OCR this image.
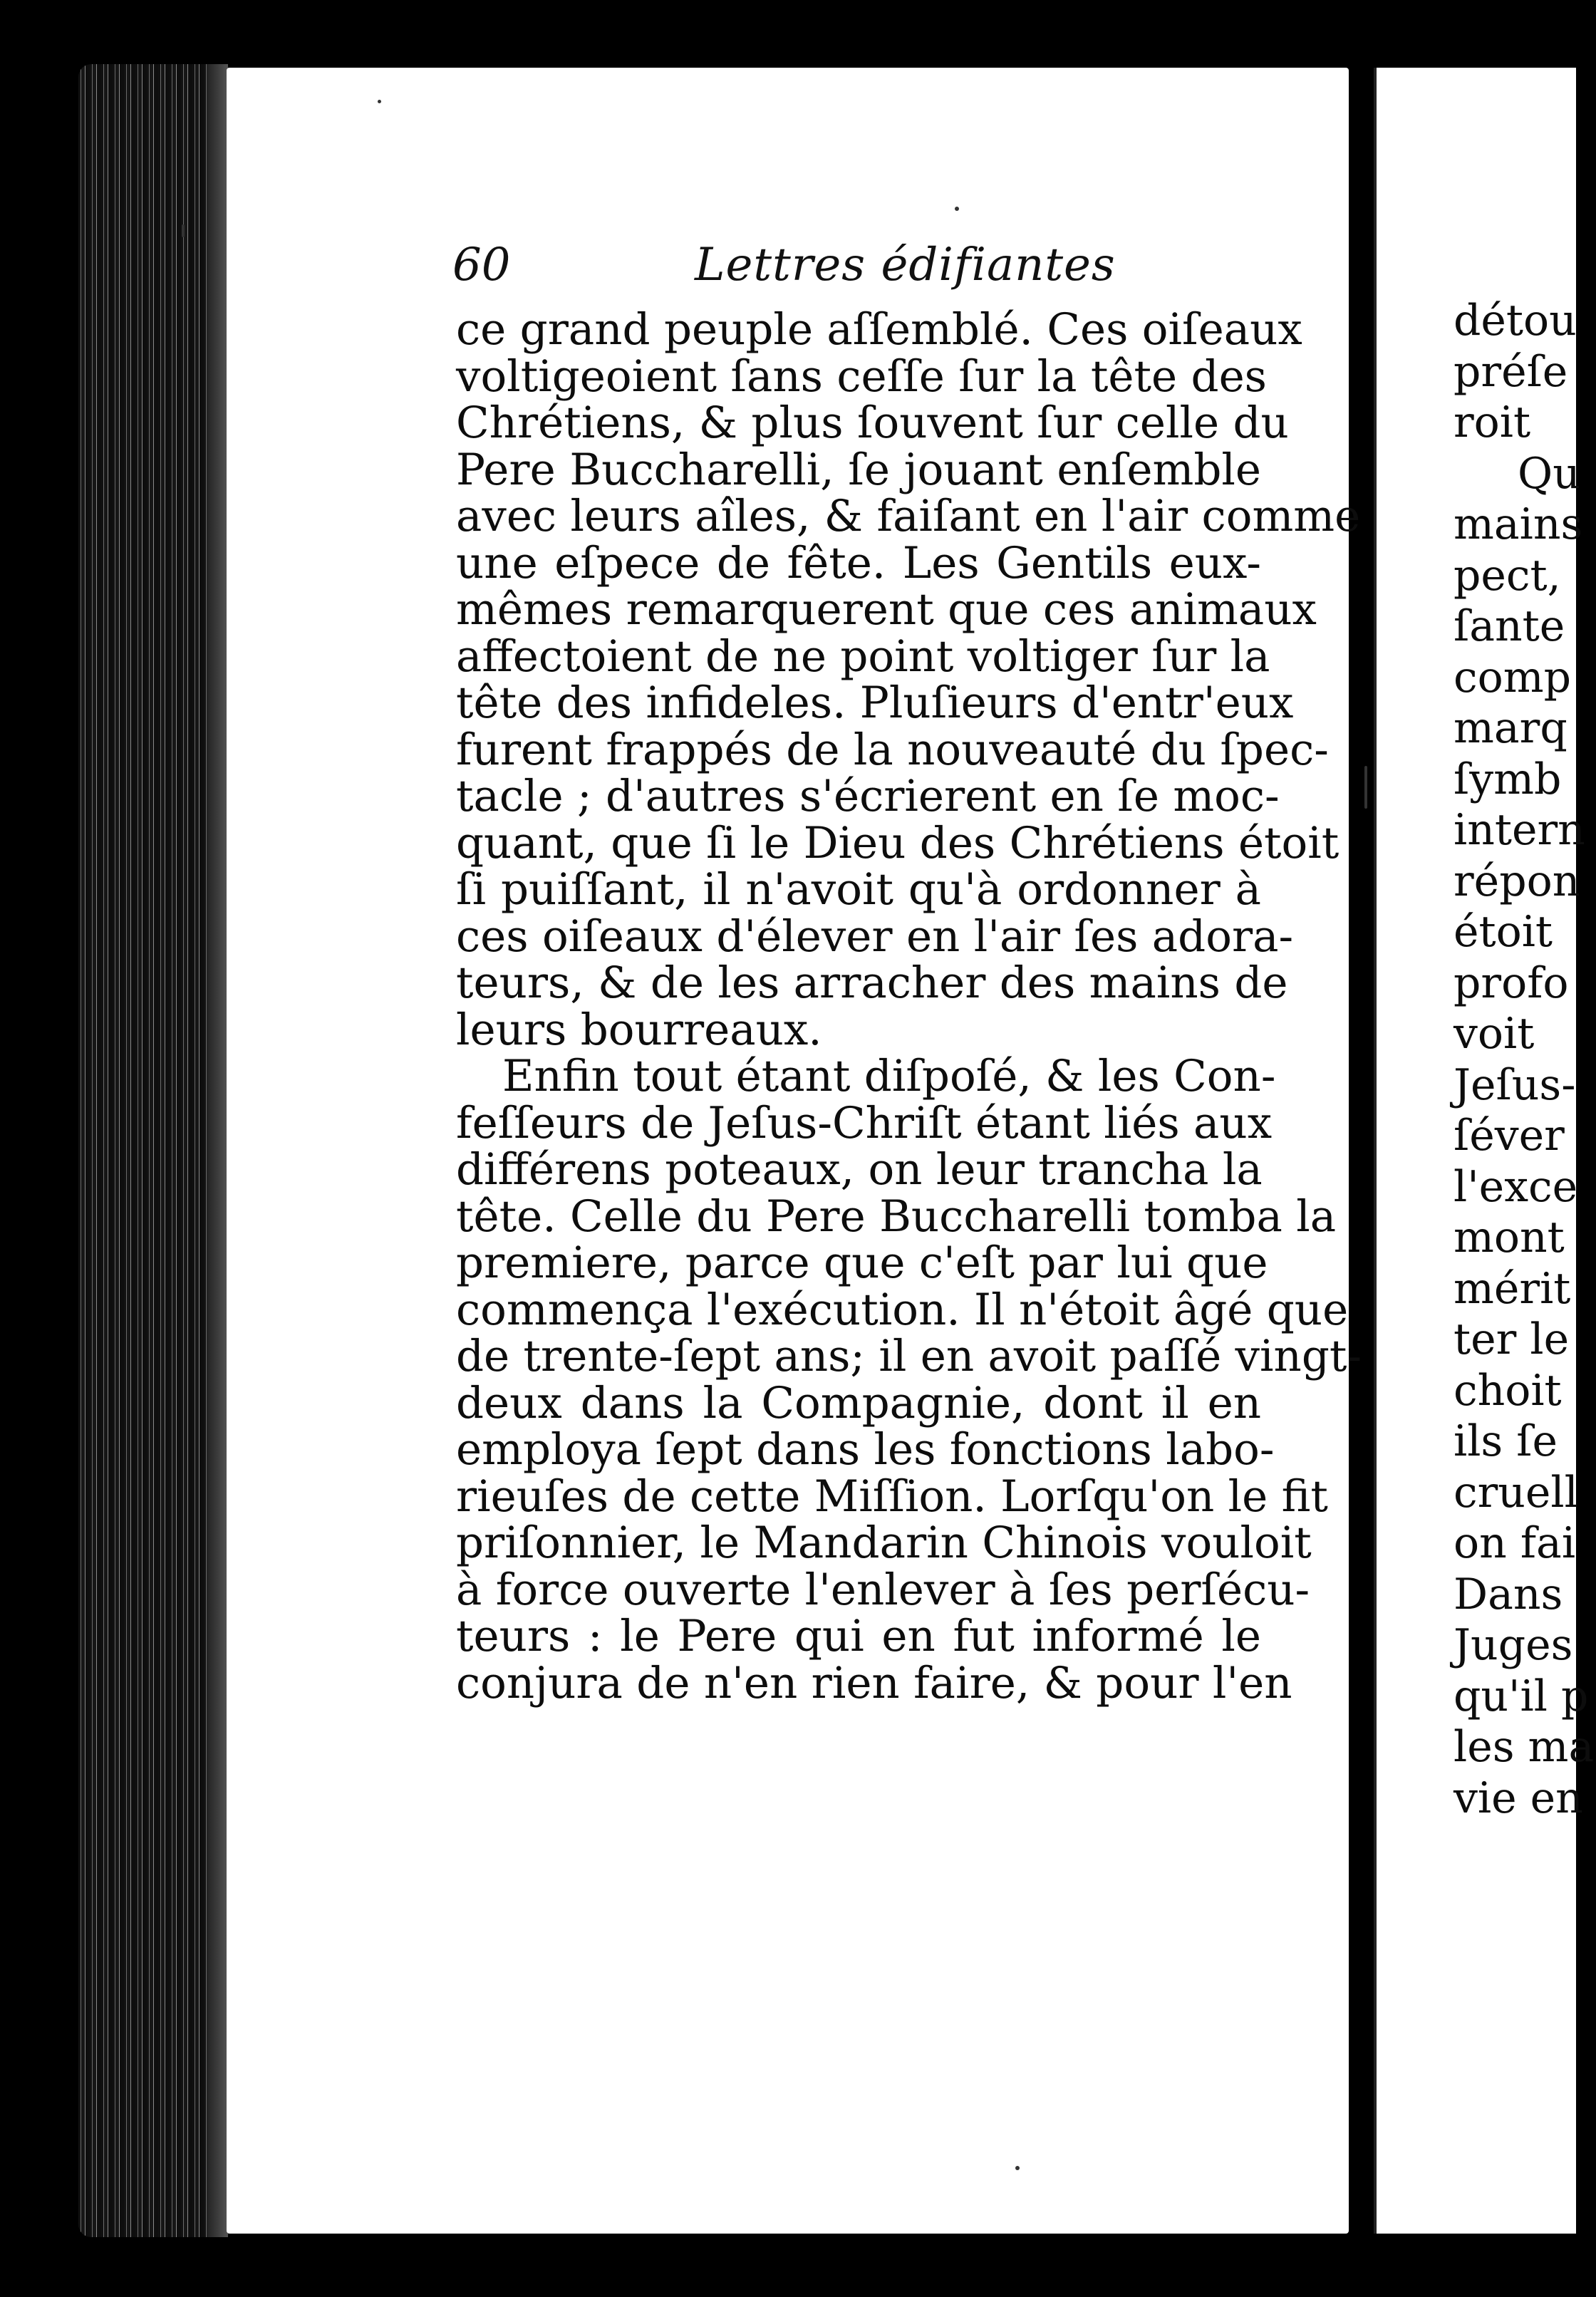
60	Lettres édifiantes
ce grand peuple aſſemblé. Ces oiſeaux
voltigeoient ſans ceſſe ſur la tête des
Chrétiens, & plus ſouvent ſur celle du
Pere Buccharelli, ſe jouant enſemble
avec leurs aîles, & faiſant en l'air comme
une eſpece de fête. Les Gentils eux-
mêmes remarquerent que ces animaux
affectoient de ne point voltiger ſur la
tête des infideles. Pluſieurs d'entr'eux
furent frappés de la nouveauté du ſpec-
tacle ; d'autres s'écrierent en ſe moc-
quant, que ſi le Dieu des Chrétiens étoit
ſi puiſſant, il n'avoit qu'à ordonner à
ces oiſeaux d'élever en l'air ſes adora-
teurs, & de les arracher des mains de
leurs bourreaux.
Enfin tout étant diſpoſé, & les Con-
feſſeurs de Jeſus-Chriſt étant liés aux
différens poteaux, on leur trancha la
tête. Celle du Pere Buccharelli tomba la
premiere, parce que c'eſt par lui que
commença l'exécution. Il n'étoit âgé que
de trente-ſept ans; il en avoit paſſé vingt-
deux dans la Compagnie, dont il en
employa ſept dans les fonctions labo-
rieuſes de cette Miſſion. Lorſqu'on le fit
priſonnier, le Mandarin Chinois vouloit
à force ouverte l'enlever à ſes perſécu-
teurs : le Pere qui en fut informé le
conjura de n'en rien faire, & pour l'en
détou
préſe
roit
Qu
mains
pect,
ſante
comp
marq
ſymb
intern
répon
étoit
profo
voit
Jeſus-
ſéver
l'exce
mont
mérit
ter le
choit
ils ſe
cruell
on fai
Dans
Juges
qu'il p
les ma
vie en
